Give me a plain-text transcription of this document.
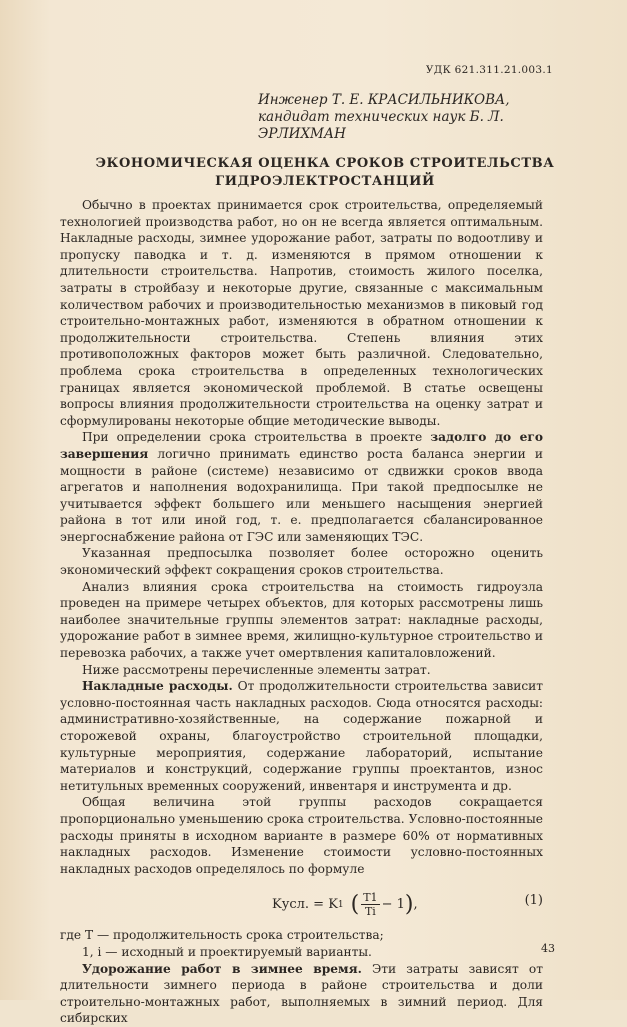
УДК 621.311.21.003.1
Инженер Т. Е. КРАСИЛЬНИКОВА, кандидат технических наук Б. Л. ЭРЛИХМАН
ЭКОНОМИЧЕСКАЯ ОЦЕНКА СРОКОВ СТРОИТЕЛЬСТВА
ГИДРОЭЛЕКТРОСТАНЦИЙ

Обычно в проектах принимается срок строительства, определяемый технологией производства работ, но он не всегда является оптимальным. Накладные расходы, зимнее удорожание работ, затраты по водоотливу и пропуску паводка и т. д. изменяются в прямом отношении к длительности строительства. Напротив, стоимость жилого поселка, затраты в стройбазу и некоторые другие, связанные с максимальным количеством рабочих и производительностью механизмов в пиковый год строительно-монтажных работ, изменяются в обратном отношении к продолжительности строительства. Степень влияния этих противоположных факторов может быть различной. Следовательно, проблема срока строительства в определенных технологических границах является экономической проблемой. В статье освещены вопросы влияния продолжительности строительства на оценку затрат и сформулированы некоторые общие методические выводы.

При определении срока строительства в проекте задолго до его завершения логично принимать единство роста баланса энергии и мощности в районе (системе) независимо от сдвижки сроков ввода агрегатов и наполнения водохранилища. При такой предпосылке не учитывается эффект большего или меньшего насыщения энергией района в тот или иной год, т. е. предполагается сбалансированное энергоснабжение района от ГЭС или заменяющих ТЭС.

Указанная предпосылка позволяет более осторожно оценить экономический эффект сокращения сроков строительства.

Анализ влияния срока строительства на стоимость гидроузла проведен на примере четырех объектов, для которых рассмотрены лишь наиболее значительные группы элементов затрат: накладные расходы, удорожание работ в зимнее время, жилищно-культурное строительство и перевозка рабочих, а также учет омертвления капиталовложений.

Ниже рассмотрены перечисленные элементы затрат.

Накладные расходы. От продолжительности строительства зависит условно-постоянная часть накладных расходов. Сюда относятся расходы: административно-хозяйственные, на содержание пожарной и сторожевой охраны, благоустройство строительной площадки, культурные мероприятия, содержание лабораторий, испытание материалов и конструкций, содержание группы проектантов, износ нетитульных временных сооружений, инвентаря и инструмента и др.

Общая величина этой группы расходов сокращается пропорционально уменьшению срока строительства. Условно-постоянные расходы приняты в исходном варианте в размере 60% от нормативных накладных расходов. Изменение стоимости условно-постоянных накладных расходов определялось по формуле

Kусл. = K 1 ( $\frac{T1}{Ti} - 1$ ) ,	(1)

где Т — продолжительность срока строительства;

1, i — исходный и проектируемый варианты.

Удорожание работ в зимнее время. Эти затраты зависят от длительности зимнего периода в районе строительства и доли строительно-монтажных работ, выполняемых в зимний период. Для сибирских

43
